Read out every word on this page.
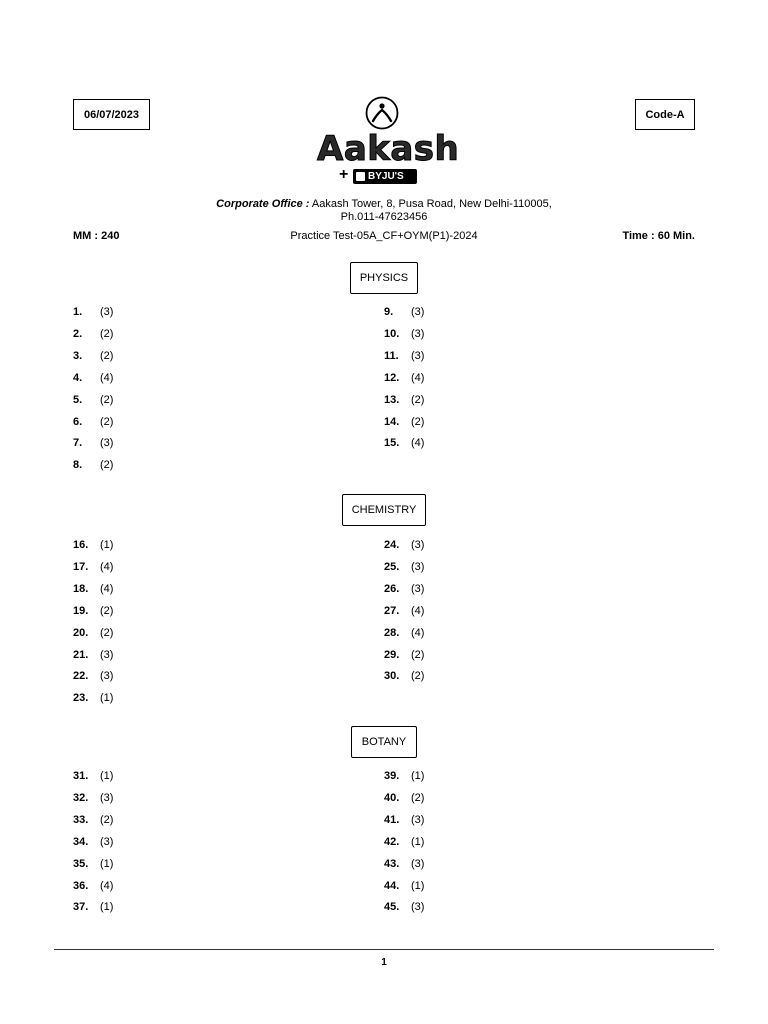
06/07/2023	Code-A
Aakash
+ BYJU'S
Corporate Office : Aakash Tower, 8, Pusa Road, New Delhi-110005,
Ph.011-47623456
MM : 240	Practice Test-05A_CF+OYM(P1)-2024	Time : 60 Min.
PHYSICS
1. (3)
2. (2)
3. (2)
4. (4)
5. (2)
6. (2)
7. (3)
8. (2)
9. (3)
10. (3)
11. (3)
12. (4)
13. (2)
14. (2)
15. (4)
CHEMISTRY
16. (1)
17. (4)
18. (4)
19. (2)
20. (2)
21. (3)
22. (3)
23. (1)
24. (3)
25. (3)
26. (3)
27. (4)
28. (4)
29. (2)
30. (2)
BOTANY
31. (1)
32. (3)
33. (2)
34. (3)
35. (1)
36. (4)
37. (1)
39. (1)
40. (2)
41. (3)
42. (1)
43. (3)
44. (1)
45. (3)
1
